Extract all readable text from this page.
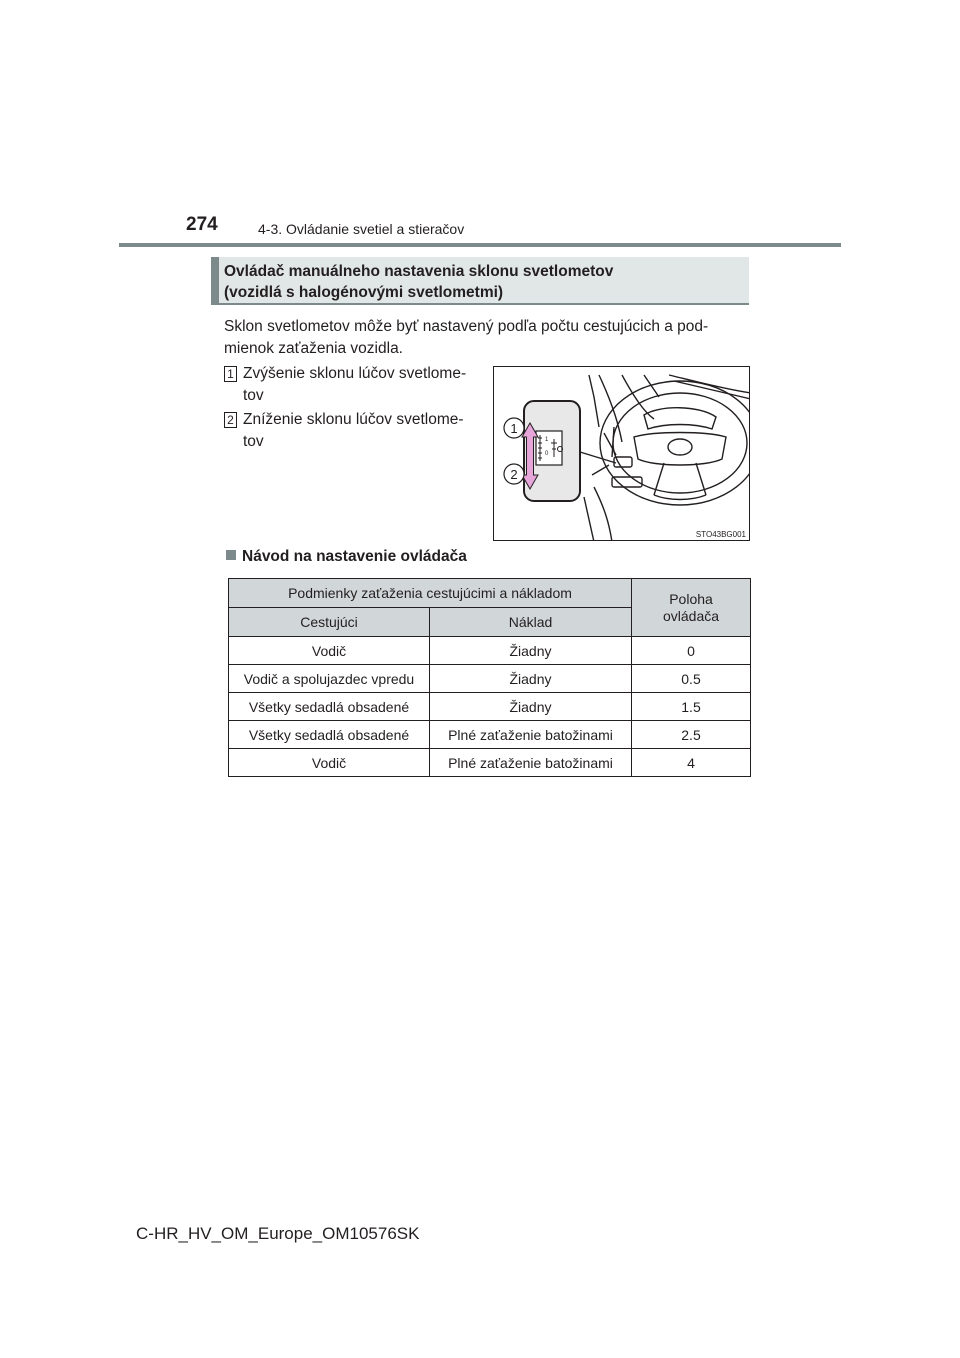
274	4-3. Ovládanie svetiel a stieračov
Ovládač manuálneho nastavenia sklonu svetlometov
(vozidlá s halogénovými svetlometmi)
Sklon svetlometov môže byť nastavený podľa počtu cestujúcich a pod-
mienok zaťaženia vozidla.
1 Zvýšenie sklonu lúčov svetlome-
tov
2 Zníženie sklonu lúčov svetlome-
tov	1
0
1
2
STO43BG001
Návod na nastavenie ovládača
Podmienky zaťaženia cestujúcimi a nákladom		Poloha
ovládača
Cestujúci	Náklad	
Vodič	Žiadny	0
Vodič a spolujazdec vpredu	Žiadny	0.5
Všetky sedadlá obsadené	Žiadny	1.5
Všetky sedadlá obsadené	Plné zaťaženie batožinami	2.5
Vodič	Plné zaťaženie batožinami	4
C-HR_HV_OM_Europe_OM10576SK
